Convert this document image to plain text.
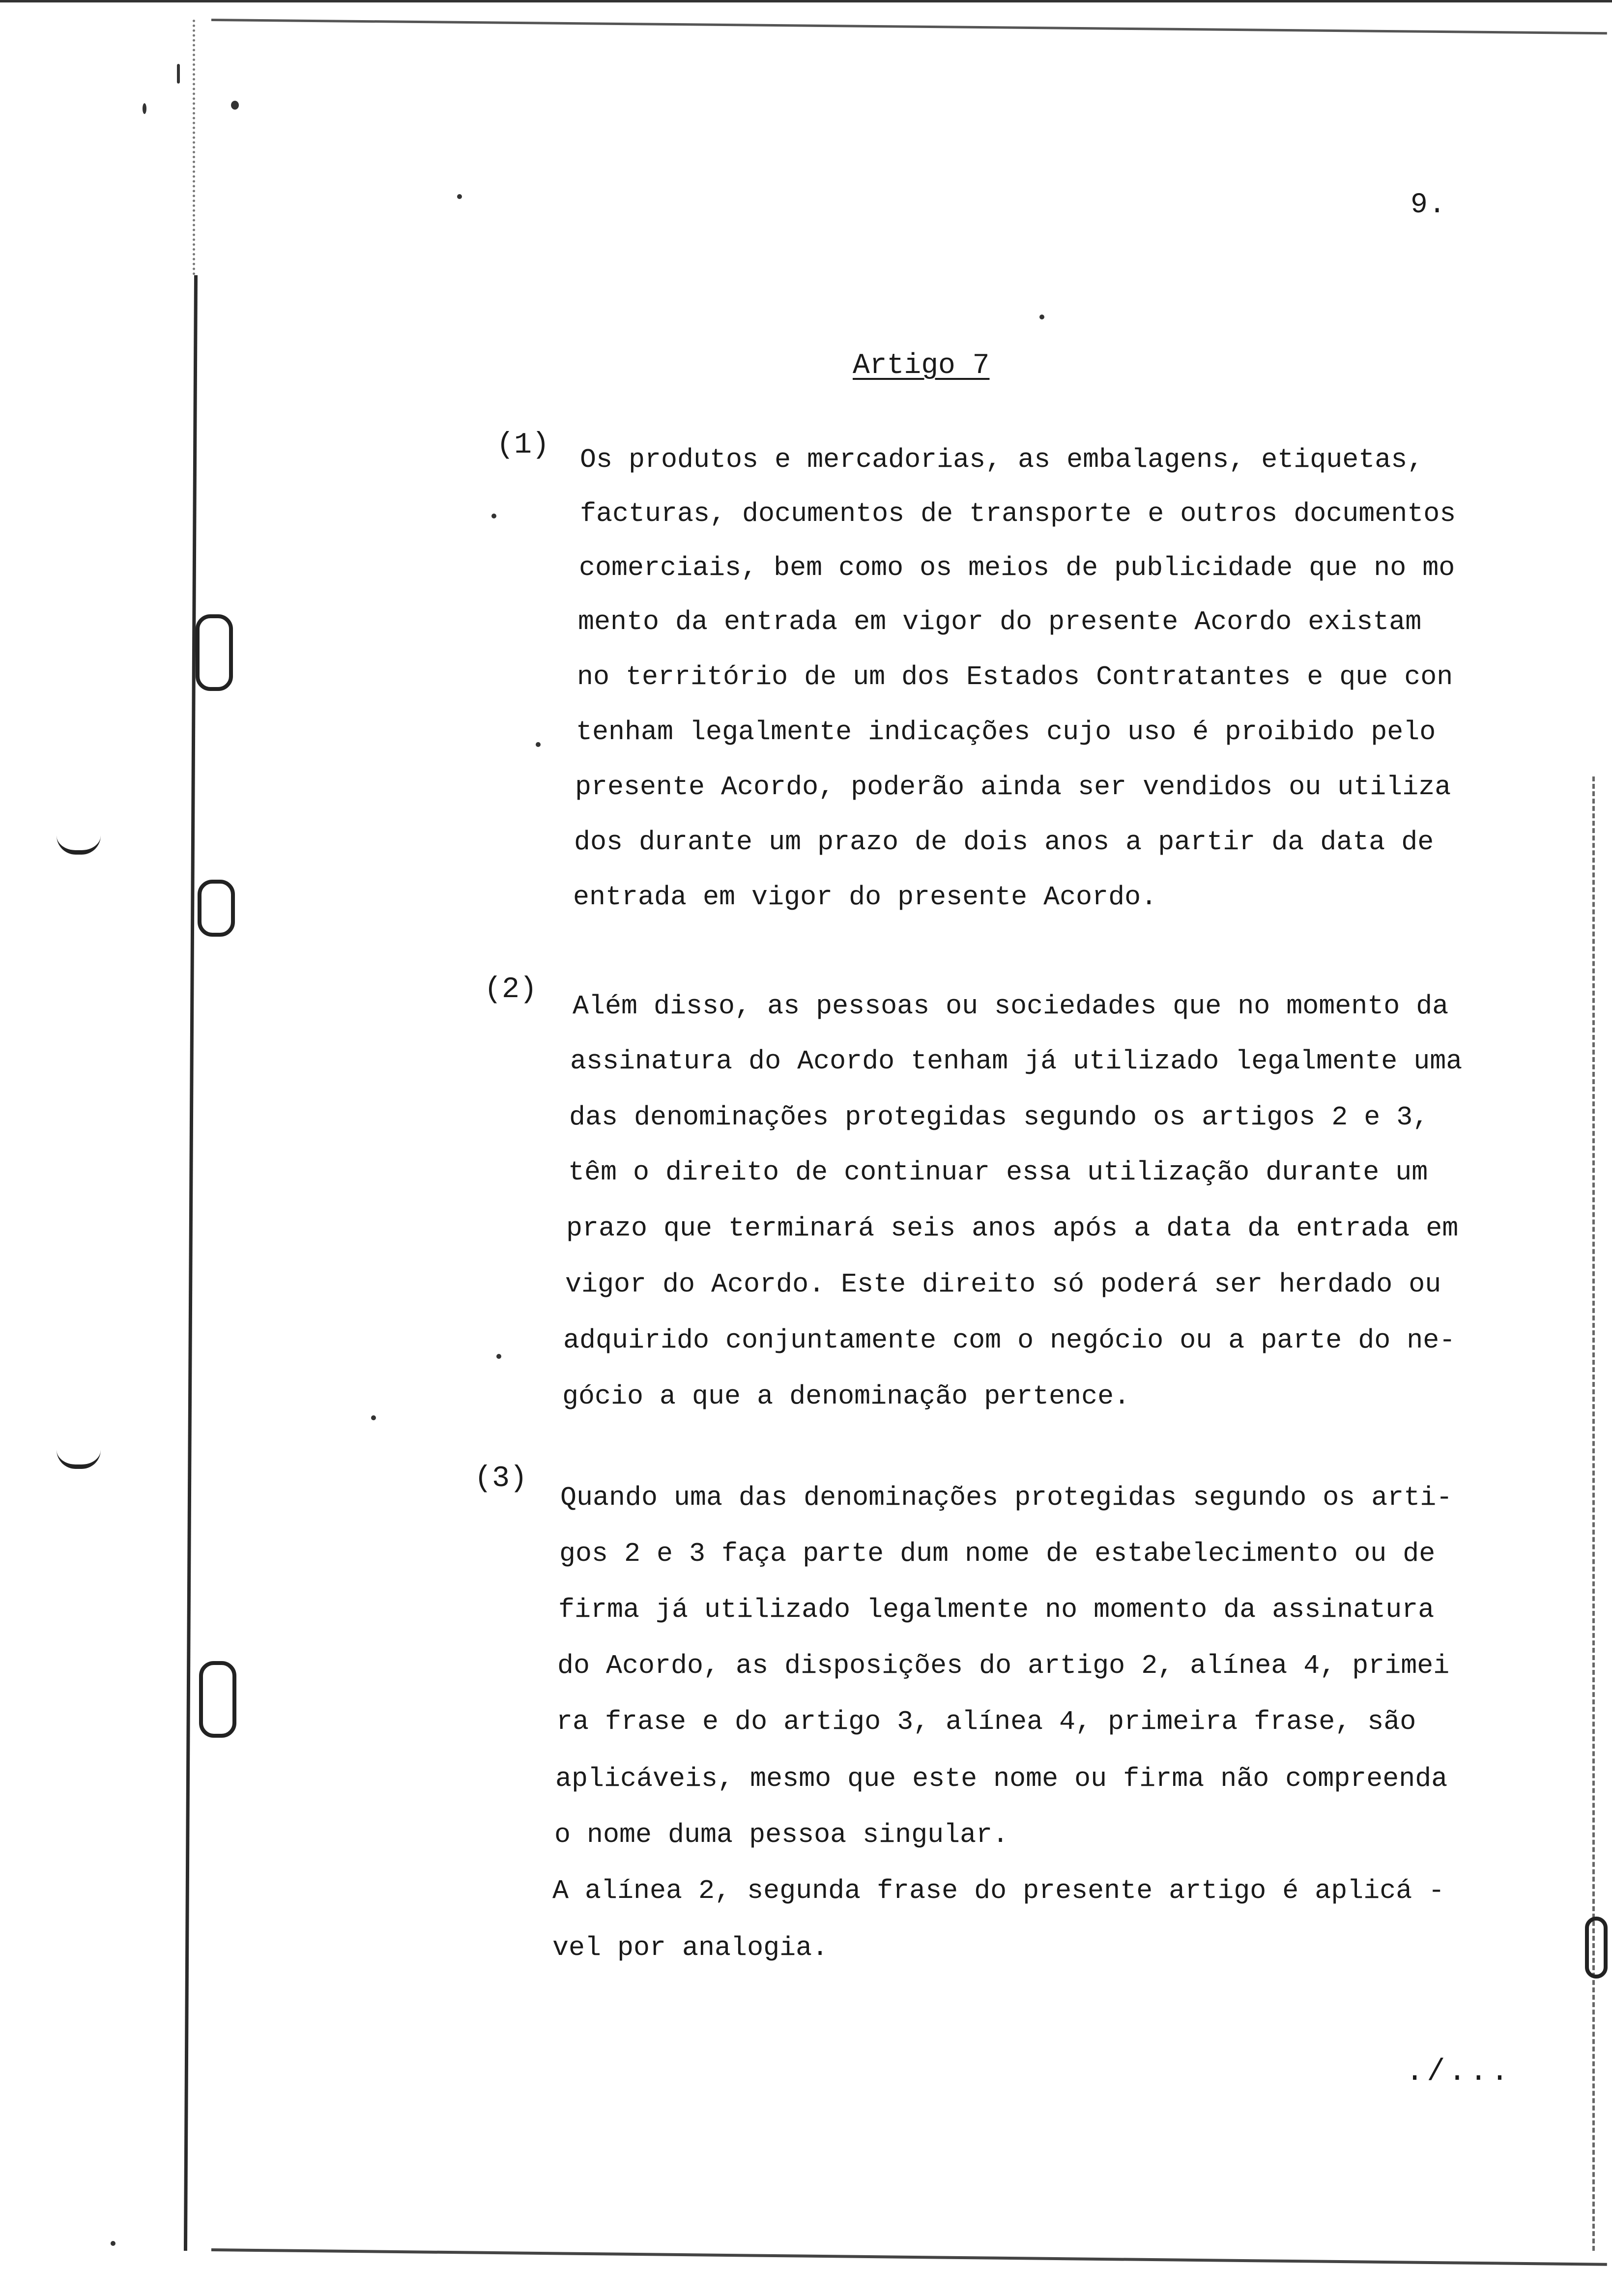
9.
Artigo 7
(1) Os produtos e mercadorias, as embalagens, etiquetas,
facturas, documentos de transporte e outros documentos
comerciais, bem como os meios de publicidade que no mo
mento da entrada em vigor do presente Acordo existam
no território de um dos Estados Contratantes e que con
tenham legalmente indicações cujo uso é proibido pelo
presente Acordo, poderão ainda ser vendidos ou utiliza
dos durante um prazo de dois anos a partir da data de
entrada em vigor do presente Acordo.
(2) Além disso, as pessoas ou sociedades que no momento da
assinatura do Acordo tenham já utilizado legalmente uma
das denominações protegidas segundo os artigos 2 e 3,
têm o direito de continuar essa utilização durante um
prazo que terminará seis anos após a data da entrada em
vigor do Acordo. Este direito só poderá ser herdado ou
adquirido conjuntamente com o negócio ou a parte do ne-
gócio a que a denominação pertence.
(3)
Quando uma das denominações protegidas segundo os arti-
gos 2 e 3 faça parte dum nome de estabelecimento ou de
firma já utilizado legalmente no momento da assinatura
do Acordo, as disposições do artigo 2, alínea 4, primei
ra frase e do artigo 3, alínea 4, primeira frase, são
aplicáveis, mesmo que este nome ou firma não compreenda
o nome duma pessoa singular.
A alínea 2, segunda frase do presente artigo é aplicá -
vel por analogia.
./...
